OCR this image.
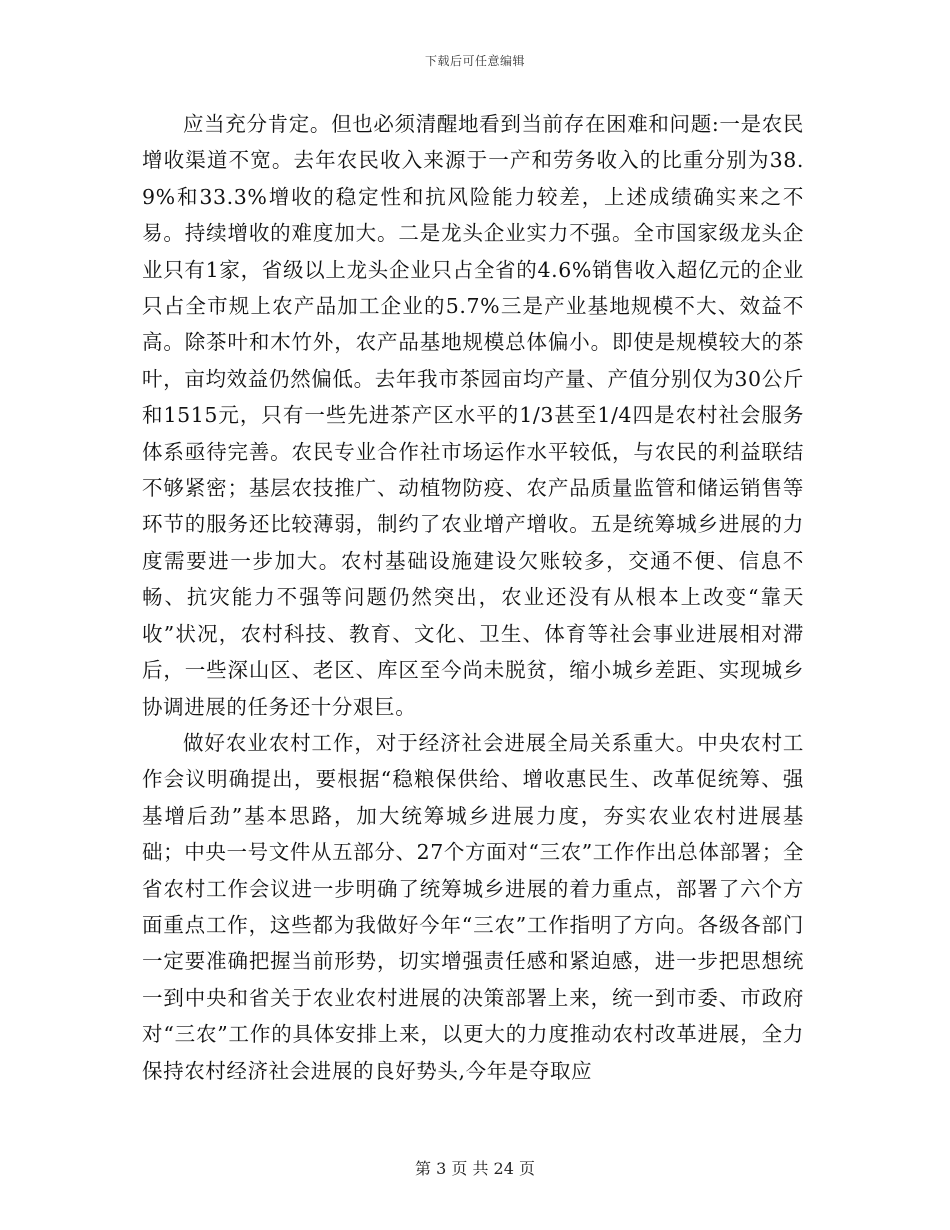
下载后可任意编辑

应当充分肯定。但也必须清醒地看到当前存在困难和问题:一是农民增收渠道不宽。去年农民收入来源于一产和劳务收入的比重分别为38.9%和33.3%增收的稳定性和抗风险能力较差，上述成绩确实来之不易。持续增收的难度加大。二是龙头企业实力不强。全市国家级龙头企业只有1家，省级以上龙头企业只占全省的4.6%销售收入超亿元的企业只占全市规上农产品加工企业的5.7%三是产业基地规模不大、效益不高。除茶叶和木竹外，农产品基地规模总体偏小。即使是规模较大的茶叶，亩均效益仍然偏低。去年我市茶园亩均产量、产值分别仅为30公斤和1515元，只有一些先进茶产区水平的1/3甚至1/4四是农村社会服务体系亟待完善。农民专业合作社市场运作水平较低，与农民的利益联结不够紧密；基层农技推广、动植物防疫、农产品质量监管和储运销售等环节的服务还比较薄弱，制约了农业增产增收。五是统筹城乡进展的力度需要进一步加大。农村基础设施建设欠账较多，交通不便、信息不畅、抗灾能力不强等问题仍然突出，农业还没有从根本上改变“靠天收”状况，农村科技、教育、文化、卫生、体育等社会事业进展相对滞后，一些深山区、老区、库区至今尚未脱贫，缩小城乡差距、实现城乡协调进展的任务还十分艰巨。

做好农业农村工作，对于经济社会进展全局关系重大。中央农村工作会议明确提出，要根据“稳粮保供给、增收惠民生、改革促统筹、强基增后劲”基本思路，加大统筹城乡进展力度，夯实农业农村进展基础；中央一号文件从五部分、27个方面对“三农”工作作出总体部署；全省农村工作会议进一步明确了统筹城乡进展的着力重点，部署了六个方面重点工作，这些都为我做好今年“三农”工作指明了方向。各级各部门一定要准确把握当前形势，切实增强责任感和紧迫感，进一步把思想统一到中央和省关于农业农村进展的决策部署上来，统一到市委、市政府对“三农”工作的具体安排上来，以更大的力度推动农村改革进展，全力保持农村经济社会进展的良好势头,今年是夺取应

第 3 页 共 24 页
